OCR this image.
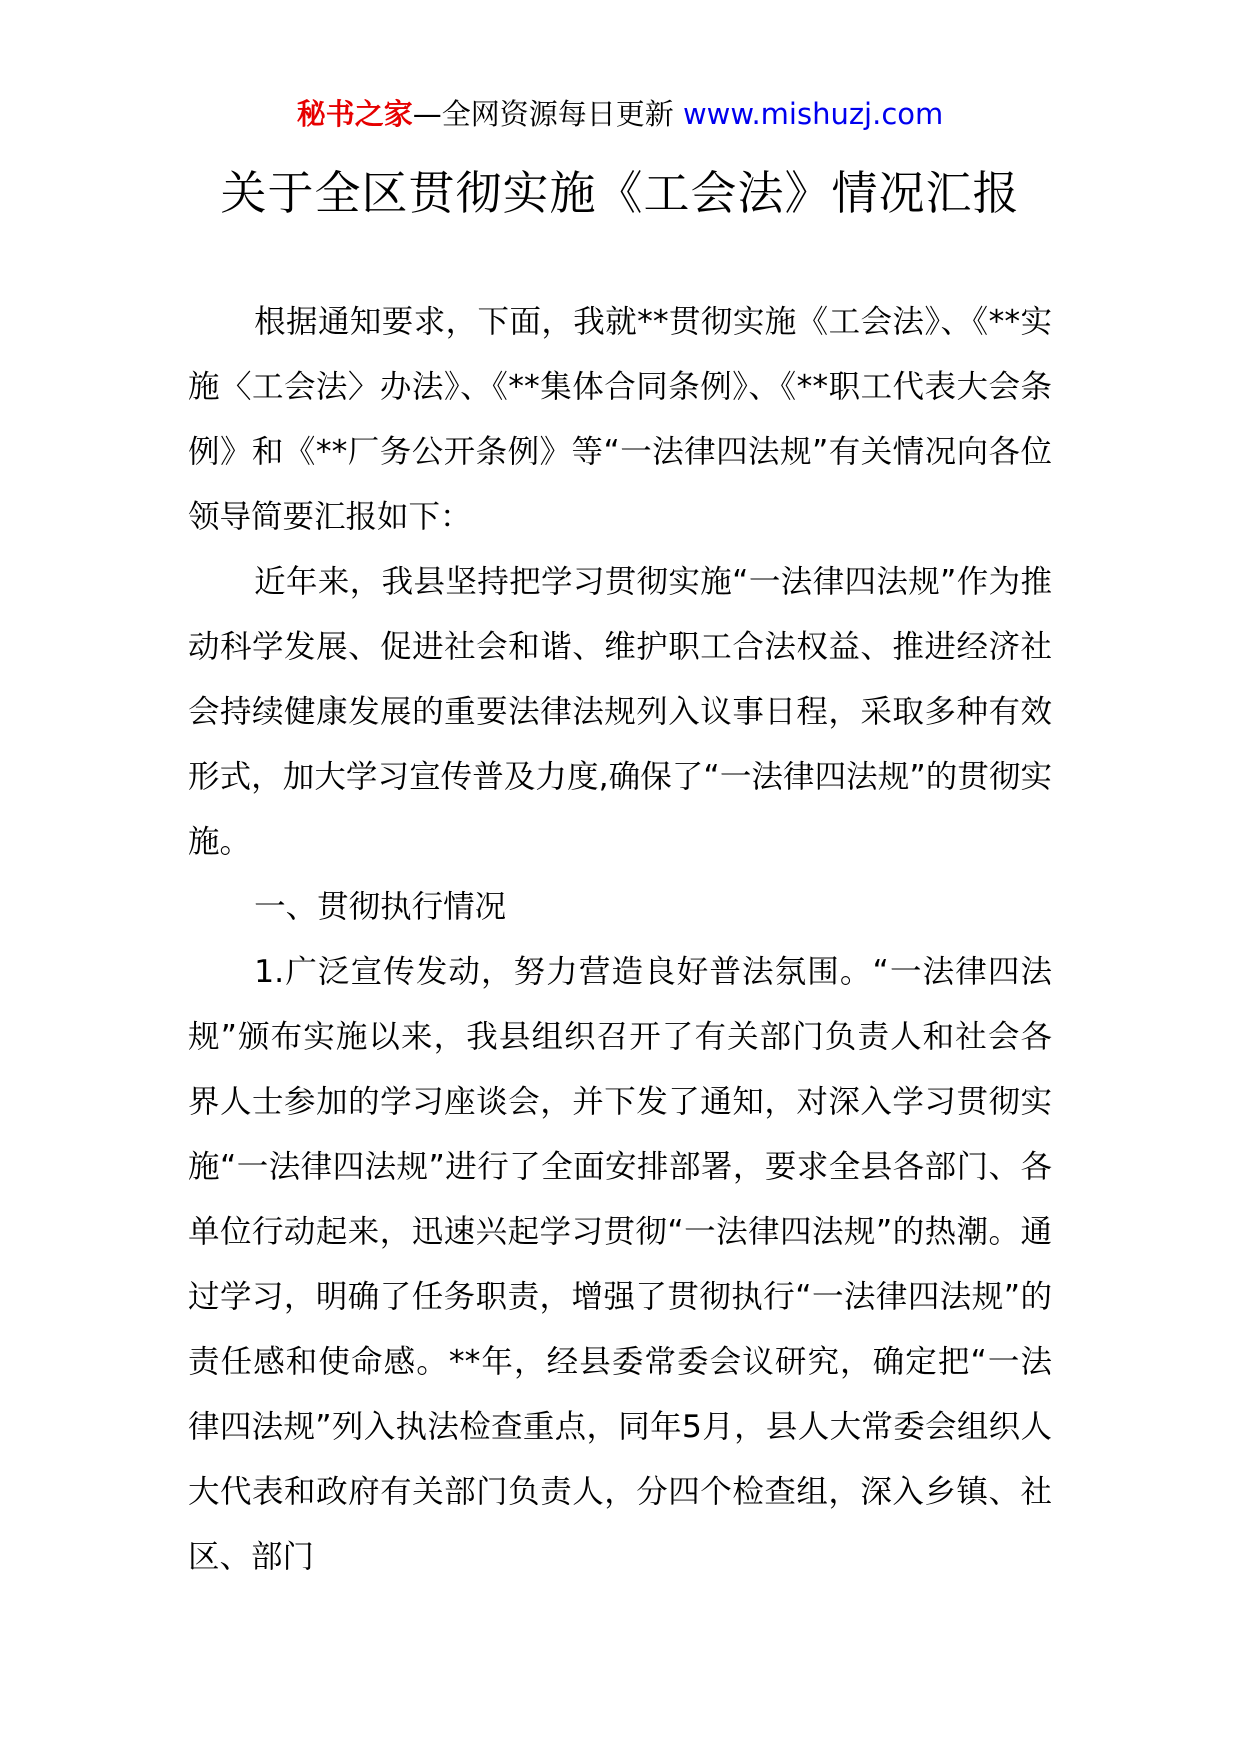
秘书之家—全网资源每日更新 www.mishuzj.com
关于全区贯彻实施《工会法》情况汇报

根据通知要求，下面，我就**贯彻实施《工会法》、《**实施〈工会法〉办法》、《**集体合同条例》、《**职工代表大会条例》和《**厂务公开条例》等“一法律四法规”有关情况向各位领导简要汇报如下：

近年来，我县坚持把学习贯彻实施“一法律四法规”作为推动科学发展、促进社会和谐、维护职工合法权益、推进经济社会持续健康发展的重要法律法规列入议事日程，采取多种有效形式，加大学习宣传普及力度,确保了“一法律四法规”的贯彻实施。

一、贯彻执行情况

1.广泛宣传发动，努力营造良好普法氛围。“一法律四法规”颁布实施以来，我县组织召开了有关部门负责人和社会各界人士参加的学习座谈会，并下发了通知，对深入学习贯彻实施“一法律四法规”进行了全面安排部署，要求全县各部门、各单位行动起来，迅速兴起学习贯彻“一法律四法规”的热潮。通过学习，明确了任务职责，增强了贯彻执行“一法律四法规”的责任感和使命感。**年，经县委常委会议研究，确定把“一法律四法规”列入执法检查重点，同年5月，县人大常委会组织人大代表和政府有关部门负责人，分四个检查组，深入乡镇、社区、部门
